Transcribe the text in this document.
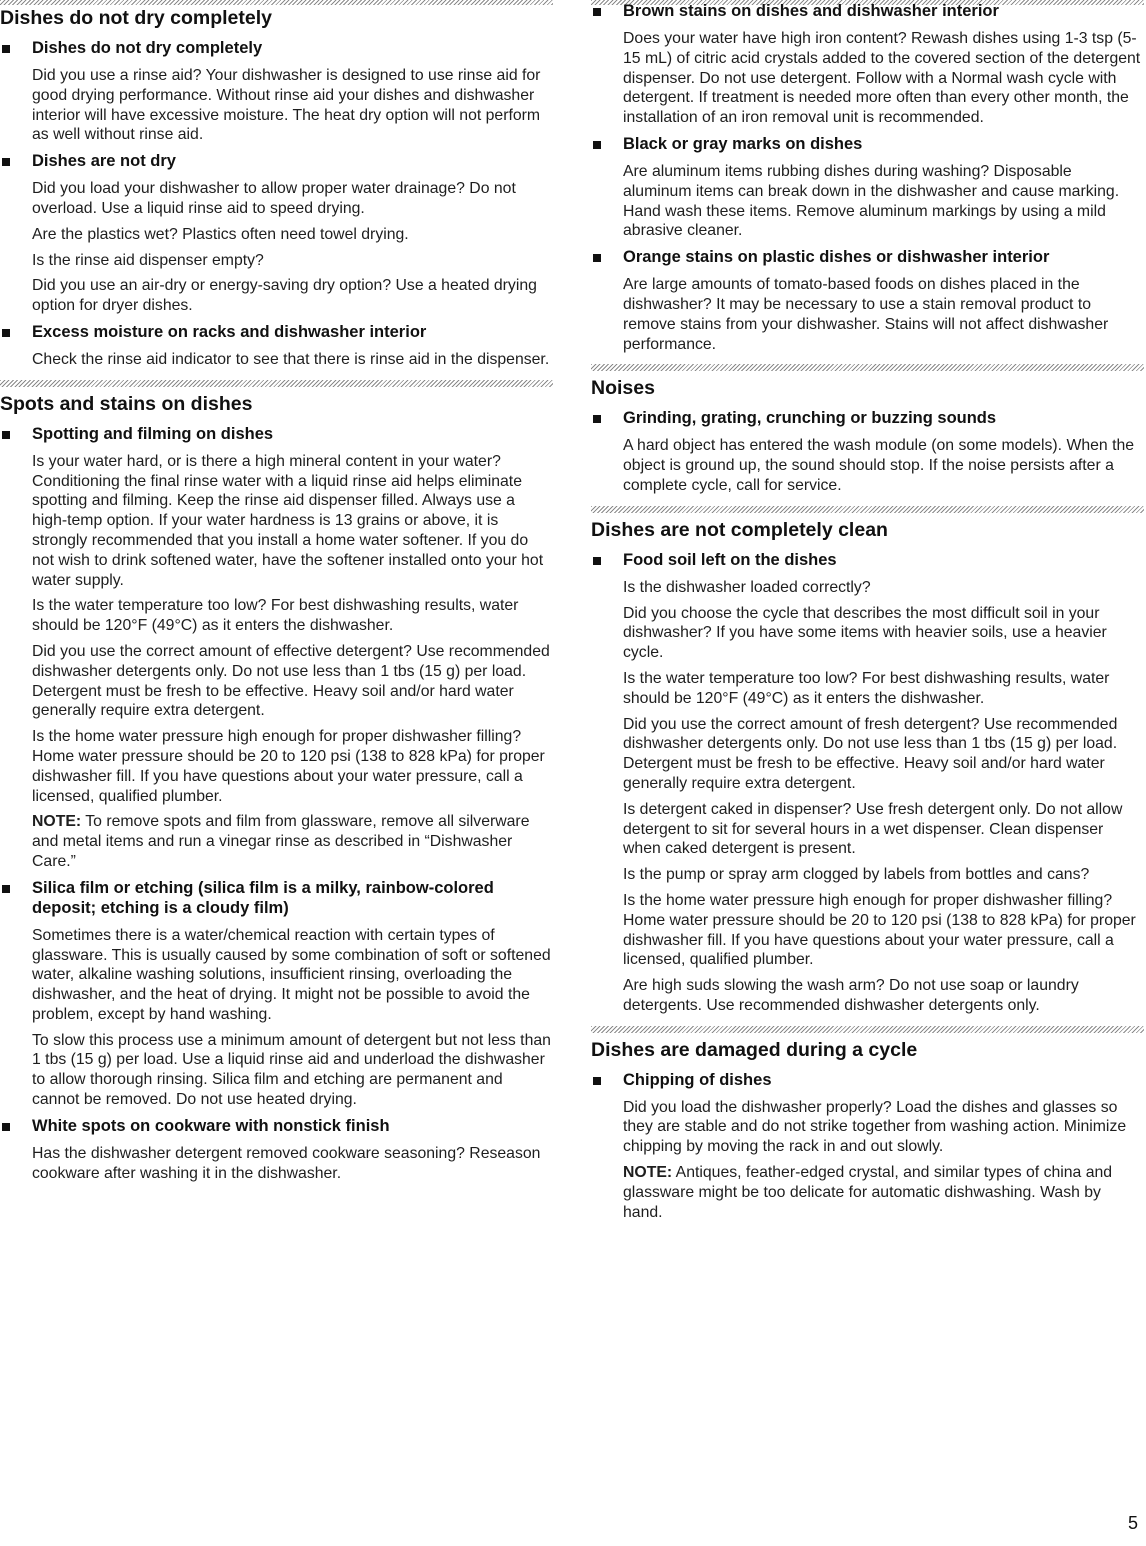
Dishes do not dry completely
Dishes do not dry completely
Did you use a rinse aid? Your dishwasher is designed to use rinse aid for good drying performance. Without rinse aid your dishes and dishwasher interior will have excessive moisture. The heat dry option will not perform as well without rinse aid.
Dishes are not dry
Did you load your dishwasher to allow proper water drainage? Do not overload. Use a liquid rinse aid to speed drying.
Are the plastics wet? Plastics often need towel drying.
Is the rinse aid dispenser empty?
Did you use an air-dry or energy-saving dry option? Use a heated drying option for dryer dishes.
Excess moisture on racks and dishwasher interior
Check the rinse aid indicator to see that there is rinse aid in the dispenser.
Spots and stains on dishes
Spotting and filming on dishes
Is your water hard, or is there a high mineral content in your water? Conditioning the final rinse water with a liquid rinse aid helps eliminate spotting and filming. Keep the rinse aid dispenser filled. Always use a high-temp option. If your water hardness is 13 grains or above, it is strongly recommended that you install a home water softener. If you do not wish to drink softened water, have the softener installed onto your hot water supply.
Is the water temperature too low? For best dishwashing results, water should be 120°F (49°C) as it enters the dishwasher.
Did you use the correct amount of effective detergent? Use recommended dishwasher detergents only. Do not use less than 1 tbs (15 g) per load. Detergent must be fresh to be effective. Heavy soil and/or hard water generally require extra detergent.
Is the home water pressure high enough for proper dishwasher filling? Home water pressure should be 20 to 120 psi (138 to 828 kPa) for proper dishwasher fill. If you have questions about your water pressure, call a licensed, qualified plumber.
NOTE: To remove spots and film from glassware, remove all silverware and metal items and run a vinegar rinse as described in “Dishwasher Care.”
Silica film or etching (silica film is a milky, rainbow-colored deposit; etching is a cloudy film)
Sometimes there is a water/chemical reaction with certain types of glassware. This is usually caused by some combination of soft or softened water, alkaline washing solutions, insufficient rinsing, overloading the dishwasher, and the heat of drying. It might not be possible to avoid the problem, except by hand washing.
To slow this process use a minimum amount of detergent but not less than 1 tbs (15 g) per load. Use a liquid rinse aid and underload the dishwasher to allow thorough rinsing. Silica film and etching are permanent and cannot be removed. Do not use heated drying.
White spots on cookware with nonstick finish
Has the dishwasher detergent removed cookware seasoning? Reseason cookware after washing it in the dishwasher.
Brown stains on dishes and dishwasher interior
Does your water have high iron content? Rewash dishes using 1-3 tsp (5-15 mL) of citric acid crystals added to the covered section of the detergent dispenser. Do not use detergent. Follow with a Normal wash cycle with detergent. If treatment is needed more often than every other month, the installation of an iron removal unit is recommended.
Black or gray marks on dishes
Are aluminum items rubbing dishes during washing? Disposable aluminum items can break down in the dishwasher and cause marking. Hand wash these items. Remove aluminum markings by using a mild abrasive cleaner.
Orange stains on plastic dishes or dishwasher interior
Are large amounts of tomato-based foods on dishes placed in the dishwasher? It may be necessary to use a stain removal product to remove stains from your dishwasher. Stains will not affect dishwasher performance.
Noises
Grinding, grating, crunching or buzzing sounds
A hard object has entered the wash module (on some models). When the object is ground up, the sound should stop. If the noise persists after a complete cycle, call for service.
Dishes are not completely clean
Food soil left on the dishes
Is the dishwasher loaded correctly?
Did you choose the cycle that describes the most difficult soil in your dishwasher? If you have some items with heavier soils, use a heavier cycle.
Is the water temperature too low? For best dishwashing results, water should be 120°F (49°C) as it enters the dishwasher.
Did you use the correct amount of fresh detergent? Use recommended dishwasher detergents only. Do not use less than 1 tbs (15 g) per load. Detergent must be fresh to be effective. Heavy soil and/or hard water generally require extra detergent.
Is detergent caked in dispenser? Use fresh detergent only. Do not allow detergent to sit for several hours in a wet dispenser. Clean dispenser when caked detergent is present.
Is the pump or spray arm clogged by labels from bottles and cans?
Is the home water pressure high enough for proper dishwasher filling? Home water pressure should be 20 to 120 psi (138 to 828 kPa) for proper dishwasher fill. If you have questions about your water pressure, call a licensed, qualified plumber.
Are high suds slowing the wash arm? Do not use soap or laundry detergents. Use recommended dishwasher detergents only.
Dishes are damaged during a cycle
Chipping of dishes
Did you load the dishwasher properly? Load the dishes and glasses so they are stable and do not strike together from washing action. Minimize chipping by moving the rack in and out slowly.
NOTE: Antiques, feather-edged crystal, and similar types of china and glassware might be too delicate for automatic dishwashing. Wash by hand.
5
